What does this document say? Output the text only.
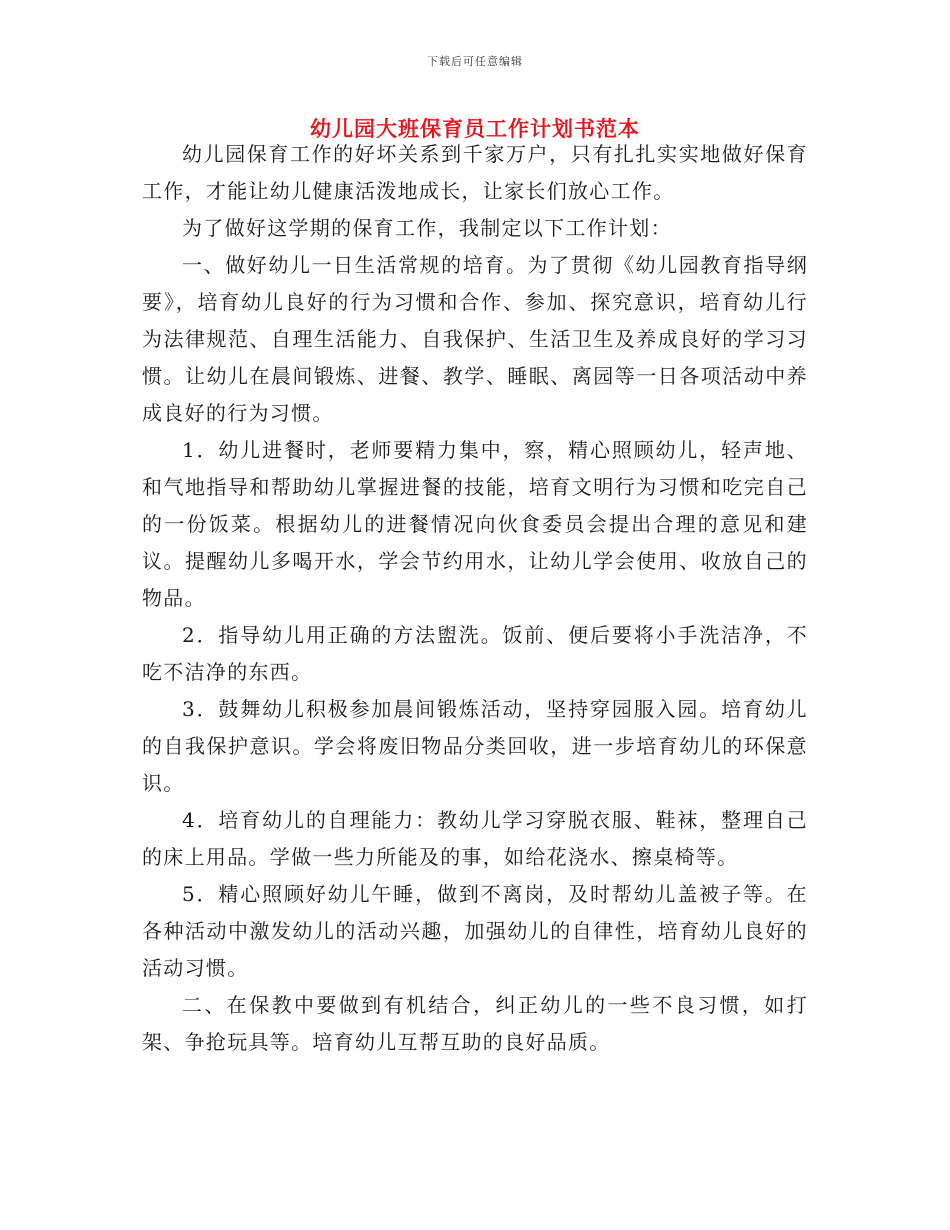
下载后可任意编辑
幼儿园大班保育员工作计划书范本

幼儿园保育工作的好坏关系到千家万户，只有扎扎实实地做好保育工作，才能让幼儿健康活泼地成长，让家长们放心工作。

为了做好这学期的保育工作，我制定以下工作计划：

一、做好幼儿一日生活常规的培育。为了贯彻《幼儿园教育指导纲要》，培育幼儿良好的行为习惯和合作、参加、探究意识，培育幼儿行为法律规范、自理生活能力、自我保护、生活卫生及养成良好的学习习惯。让幼儿在晨间锻炼、进餐、教学、睡眠、离园等一日各项活动中养成良好的行为习惯。

1．幼儿进餐时，老师要精力集中，察，精心照顾幼儿，轻声地、和气地指导和帮助幼儿掌握进餐的技能，培育文明行为习惯和吃完自己的一份饭菜。根据幼儿的进餐情况向伙食委员会提出合理的意见和建议。提醒幼儿多喝开水，学会节约用水，让幼儿学会使用、收放自己的物品。

2．指导幼儿用正确的方法盥洗。饭前、便后要将小手洗洁净，不吃不洁净的东西。

3．鼓舞幼儿积极参加晨间锻炼活动，坚持穿园服入园。培育幼儿的自我保护意识。学会将废旧物品分类回收，进一步培育幼儿的环保意识。

4．培育幼儿的自理能力：教幼儿学习穿脱衣服、鞋袜，整理自己的床上用品。学做一些力所能及的事，如给花浇水、擦桌椅等。

5．精心照顾好幼儿午睡，做到不离岗，及时帮幼儿盖被子等。在各种活动中激发幼儿的活动兴趣，加强幼儿的自律性，培育幼儿良好的活动习惯。

二、在保教中要做到有机结合，纠正幼儿的一些不良习惯，如打架、争抢玩具等。培育幼儿互帮互助的良好品质。
